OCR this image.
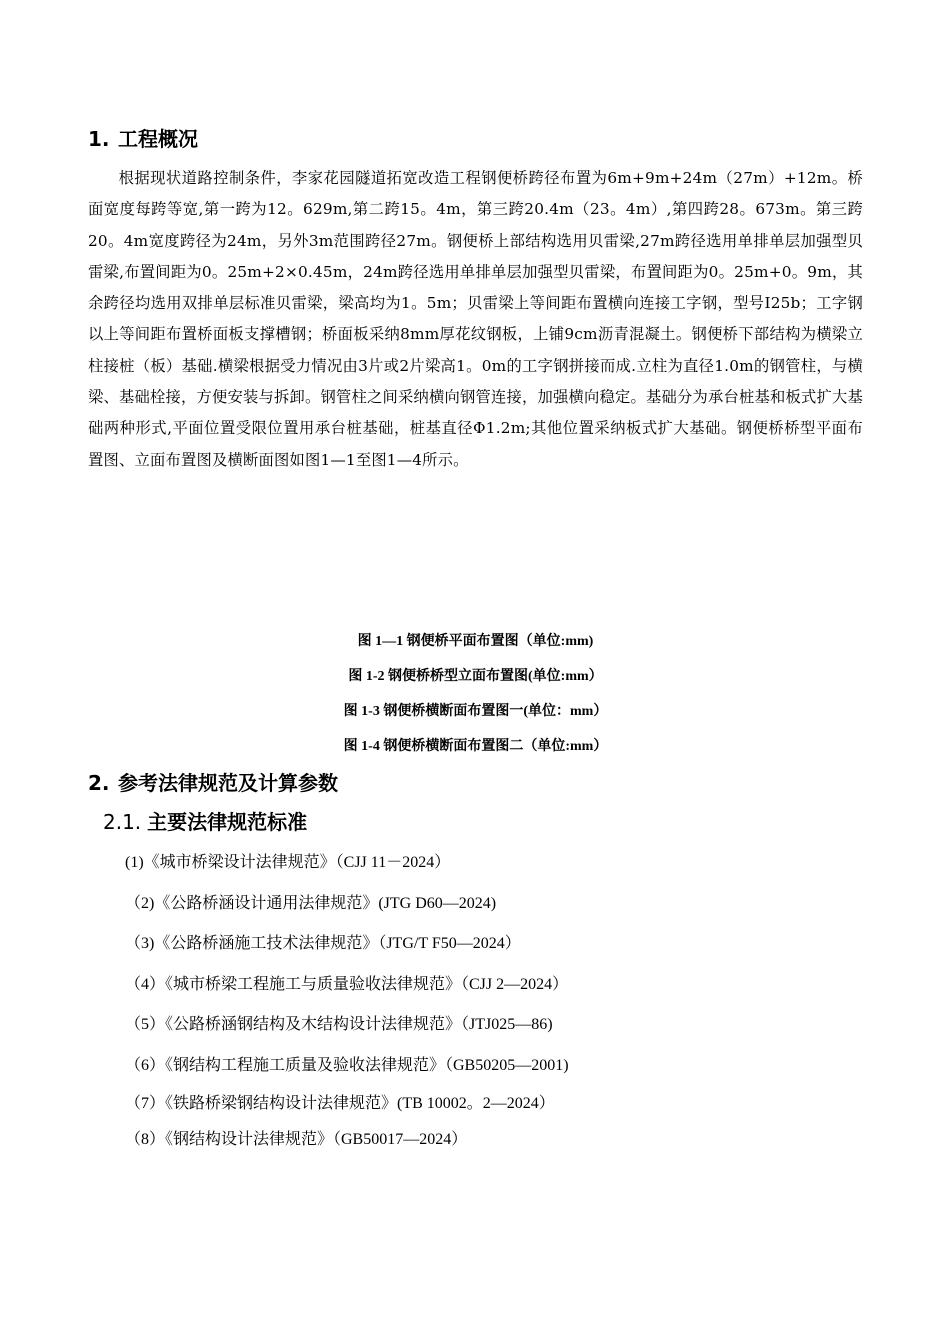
1. 工程概况

根据现状道路控制条件，李家花园隧道拓宽改造工程钢便桥跨径布置为6m+9m+24m（27m）+12m。桥面宽度每跨等宽,第一跨为12。629m,第二跨15。4m，第三跨20.4m（23。4m）,第四跨28。673m。第三跨20。4m宽度跨径为24m，另外3m范围跨径27m。钢便桥上部结构选用贝雷梁,27m跨径选用单排单层加强型贝雷梁,布置间距为0。25m+2×0.45m，24m跨径选用单排单层加强型贝雷梁，布置间距为0。25m+0。9m，其余跨径均选用双排单层标准贝雷梁，梁高均为1。5m；贝雷梁上等间距布置横向连接工字钢，型号I25b；工字钢以上等间距布置桥面板支撑槽钢；桥面板采纳8mm厚花纹钢板，上铺9cm沥青混凝土。钢便桥下部结构为横梁立柱接桩（板）基础.横梁根据受力情况由3片或2片梁高1。0m的工字钢拼接而成.立柱为直径1.0m的钢管柱，与横梁、基础栓接，方便安装与拆卸。钢管柱之间采纳横向钢管连接，加强横向稳定。基础分为承台桩基和板式扩大基础两种形式,平面位置受限位置用承台桩基础，桩基直径Φ1.2m;其他位置采纳板式扩大基础。钢便桥桥型平面布置图、立面布置图及横断面图如图1—1至图1—4所示。

图 1—1 钢便桥平面布置图（单位:mm)
图 1-2 钢便桥桥型立面布置图(单位:mm）
图 1-3 钢便桥横断面布置图一(单位：mm）
图 1-4 钢便桥横断面布置图二（单位:mm）
2. 参考法律规范及计算参数
2.1. 主要法律规范标准
(1)《城市桥梁设计法律规范》（CJJ 11－2024）
（2)《公路桥涵设计通用法律规范》(JTG D60—2024)
（3)《公路桥涵施工技术法律规范》（JTG/T F50—2024）
（4）《城市桥梁工程施工与质量验收法律规范》（CJJ 2—2024）
（5）《公路桥涵钢结构及木结构设计法律规范》（JTJ025—86)
（6）《钢结构工程施工质量及验收法律规范》（GB50205—2001)
（7）《铁路桥梁钢结构设计法律规范》(TB 10002。2—2024）
（8）《钢结构设计法律规范》（GB50017—2024）
